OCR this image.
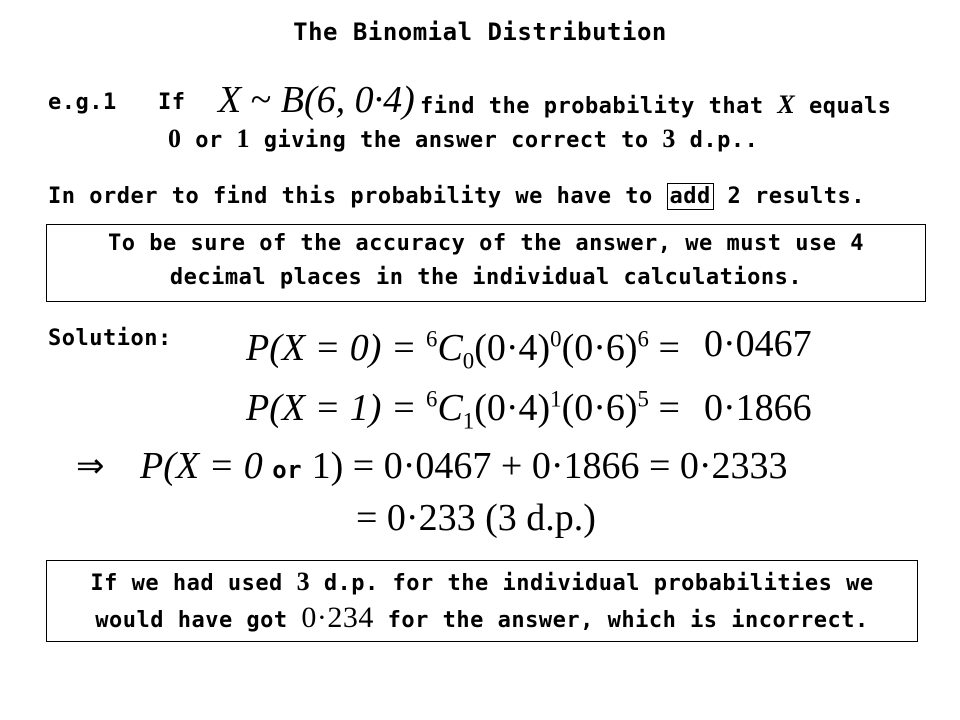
The Binomial Distribution
e.g.1 If X ~ B(6, 0·4) find the probability that X equals
0 or 1 giving the answer correct to 3 d.p..
In order to find this probability we have to add 2 results.
To be sure of the accuracy of the answer, we must use 4
decimal places in the individual calculations.
Solution: $P(X = 0) = ^6C_0(0\cdot 4)^0(0\cdot 6)^6 = 0\cdot 0467$
$P(X = 1) = ^6C_1(0\cdot 4)^1(0\cdot 6)^5 = 0\cdot 1866$
⇒ P(X = 0 or 1) = 0·0467 + 0·1866 = 0·2333
= 0·233 (3 d.p.)
If we had used 3 d.p. for the individual probabilities we
would have got 0·234 for the answer, which is incorrect.
